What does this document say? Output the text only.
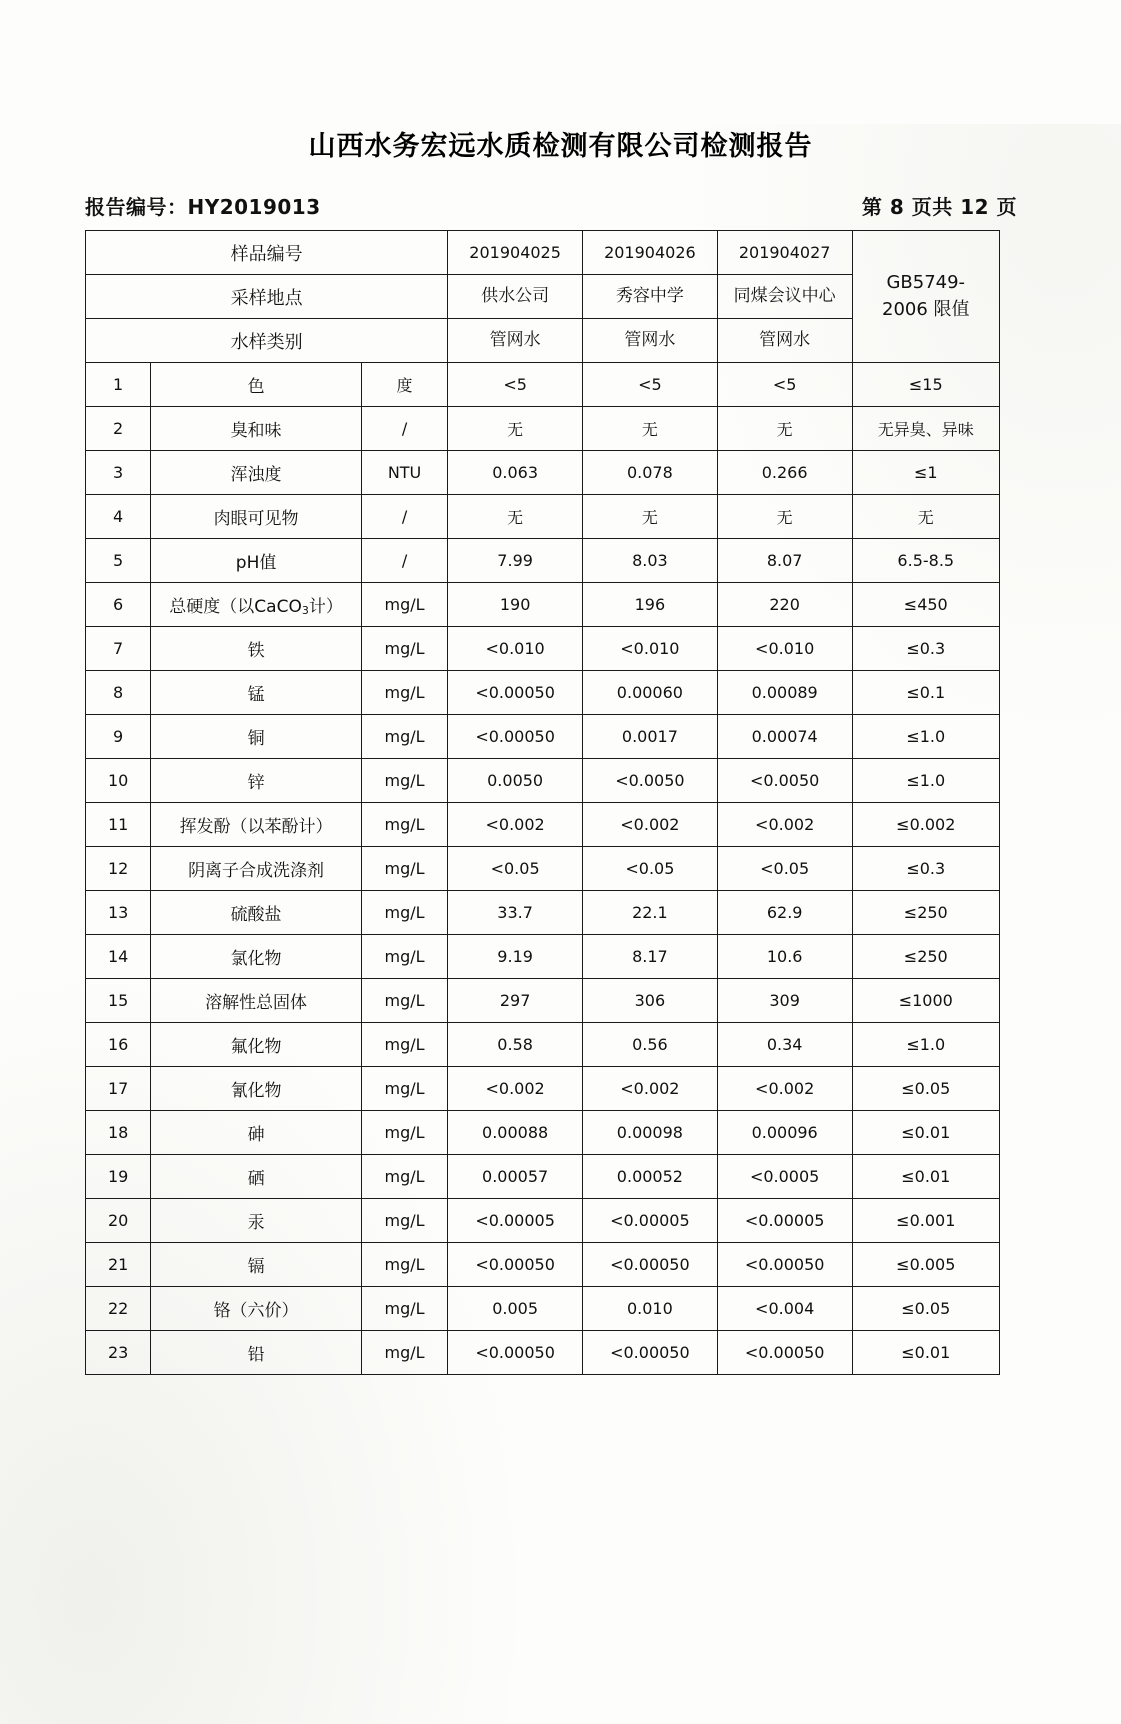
山西水务宏远水质检测有限公司检测报告
报告编号：HY2019013	第 8 页共 12 页
样品编号			201904025	201904026	201904027	GB5749-
2006 限值
采样地点			供水公司	秀容中学	同煤会议中心	
水样类别			管网水	管网水	管网水	
1	色	度	<5	<5	<5	≤15
2	臭和味	/	无	无	无	无异臭、异味
3	浑浊度	NTU	0.063	0.078	0.266	≤1
4	肉眼可见物	/	无	无	无	无
5	pH值	/	7.99	8.03	8.07	6.5-8.5
6	总硬度（以CaCO$_3$计）	mg/L	190	196	220	≤450
7	铁	mg/L	<0.010	<0.010	<0.010	≤0.3
8	锰	mg/L	<0.00050	0.00060	0.00089	≤0.1
9	铜	mg/L	<0.00050	0.0017	0.00074	≤1.0
10	锌	mg/L	0.0050	<0.0050	<0.0050	≤1.0
11	挥发酚（以苯酚计）	mg/L	<0.002	<0.002	<0.002	≤0.002
12	阴离子合成洗涤剂	mg/L	<0.05	<0.05	<0.05	≤0.3
13	硫酸盐	mg/L	33.7	22.1	62.9	≤250
14	氯化物	mg/L	9.19	8.17	10.6	≤250
15	溶解性总固体	mg/L	297	306	309	≤1000
16	氟化物	mg/L	0.58	0.56	0.34	≤1.0
17	氰化物	mg/L	<0.002	<0.002	<0.002	≤0.05
18	砷	mg/L	0.00088	0.00098	0.00096	≤0.01
19	硒	mg/L	0.00057	0.00052	<0.0005	≤0.01
20	汞	mg/L	<0.00005	<0.00005	<0.00005	≤0.001
21	镉	mg/L	<0.00050	<0.00050	<0.00050	≤0.005
22	铬（六价）	mg/L	0.005	0.010	<0.004	≤0.05
23	铅	mg/L	<0.00050	<0.00050	<0.00050	≤0.01
